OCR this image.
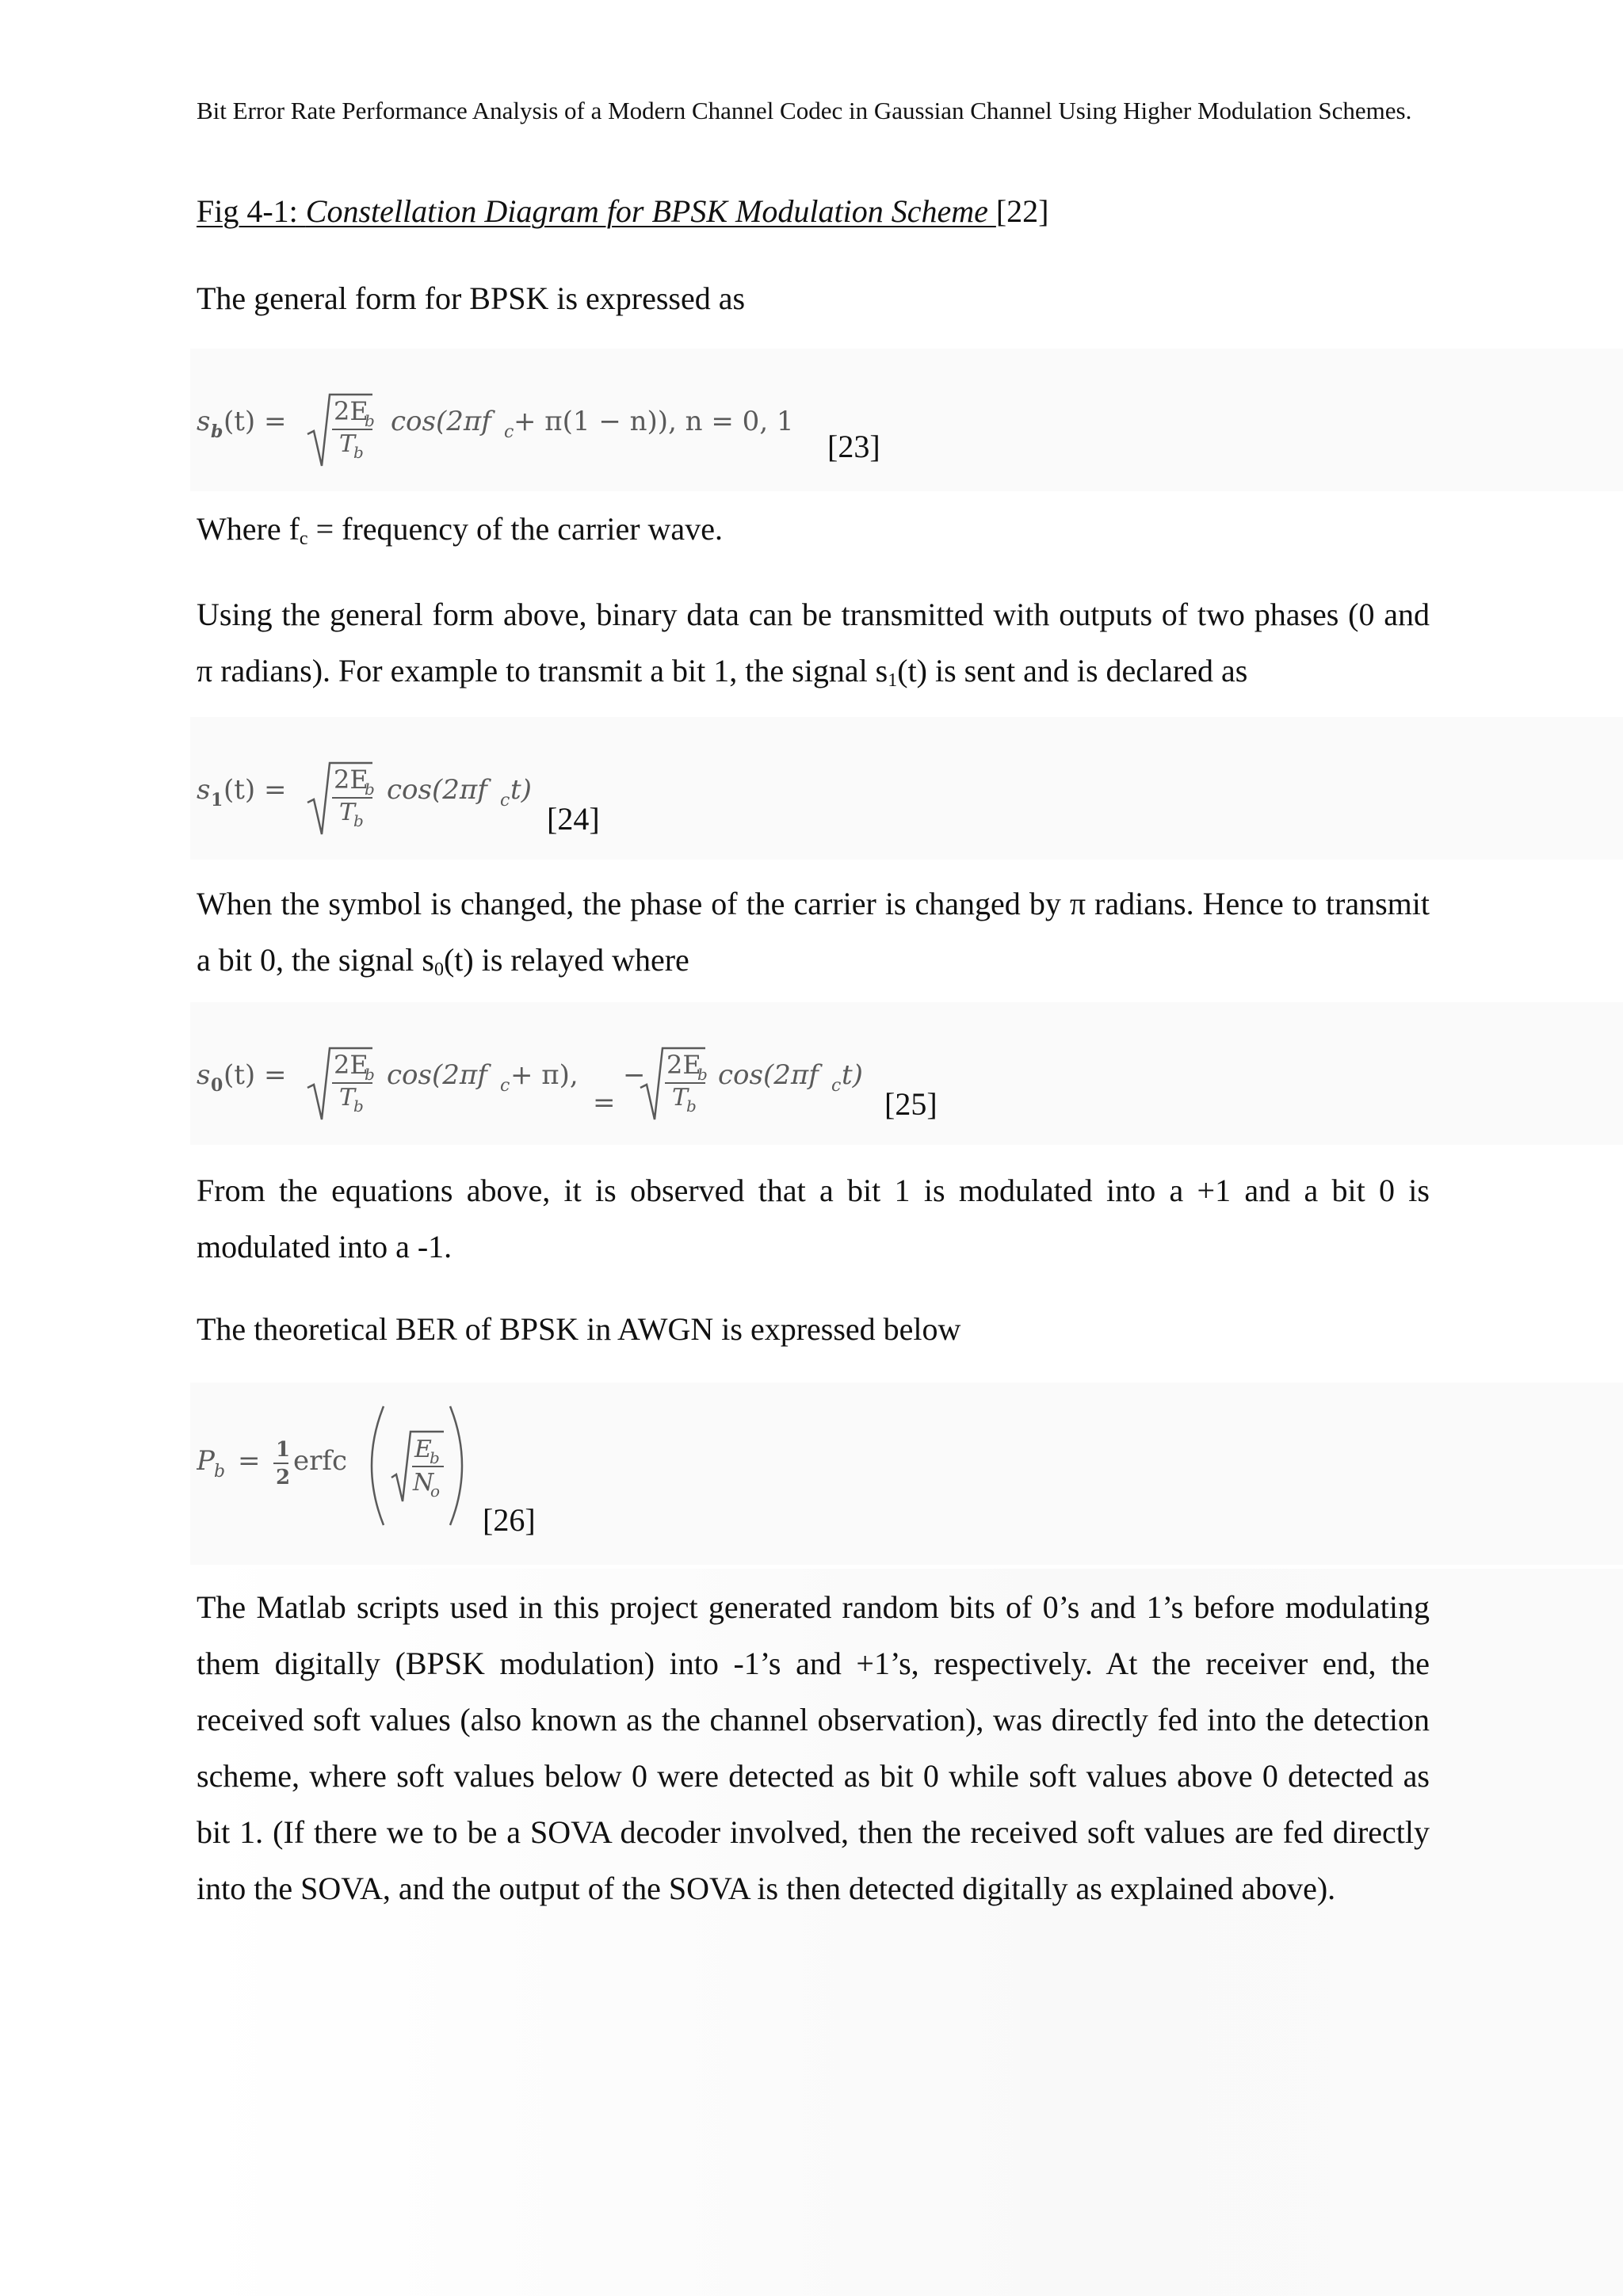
Bit Error Rate Performance Analysis of a Modern Channel Codec in Gaussian Channel Using Higher Modulation Schemes.
Fig 4-1: Constellation Diagram for BPSK Modulation Scheme [22]
The general form for BPSK is expressed as
s b (t) = 2E
b
T
b
cos(2πf c + π(1 − n)), n = 0, 1
[23]
Where $f_c$ = frequency of the carrier wave.
Using the general form above, binary data can be transmitted with outputs of two phases (0 and π radians). For example to transmit a bit 1, the signal $s_1(t)$ is sent and is declared as
s 1 (t) = 2E
b
T
b
cos(2πf c t)
[24]
When the symbol is changed, the phase of the carrier is changed by π radians. Hence to transmit a bit 0, the signal $s_0(t)$ is relayed where
s 0 (t) = 2E
b
T
b
cos(2πf c + π),
=
− 2E
b
T
b
cos(2πf c t)
[25]
From the equations above, it is observed that a bit 1 is modulated into a +1 and a bit 0 is modulated into a -1.
The theoretical BER of BPSK in AWGN is expressed below
P b = 1
2
erfc	E
b
N
o
[26]
The Matlab scripts used in this project generated random bits of 0’s and 1’s before modulating them digitally (BPSK modulation) into -1’s and +1’s, respectively. At the receiver end, the received soft values (also known as the channel observation), was directly fed into the detection scheme, where soft values below 0 were detected as bit 0 while soft values above 0 detected as bit 1. (If there we to be a SOVA decoder involved, then the received soft values are fed directly into the SOVA, and the output of the SOVA is then detected digitally as explained above).
